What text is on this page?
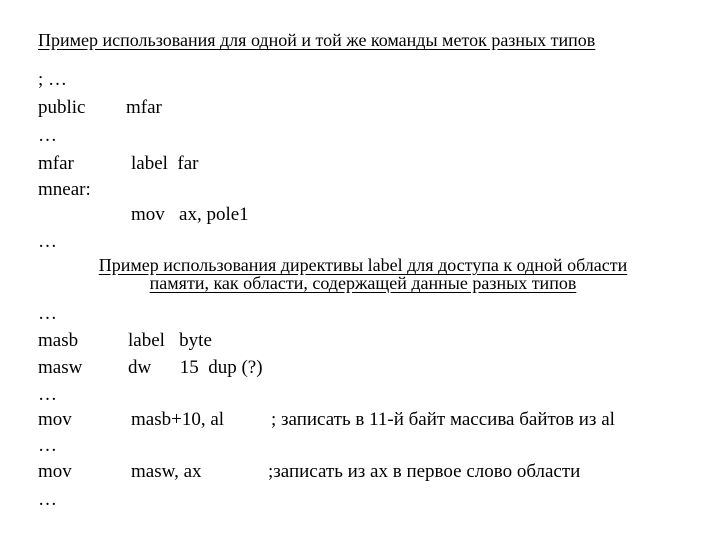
Пример использования для одной и той же команды меток разных типов
; …
public mfar
…
mfar	label  far
mnear:
mov   ax, pole1
…
Пример использования директивы label для доступа к одной области
памяти, как области, содержащей данные разных типов
…
masb	label   byte
masw dw      15  dup (?)
…
mov	masb+10, al ; записать в 11-й байт массива байтов из al
…
mov	masw, ax	;записать из ax в первое слово области
…
